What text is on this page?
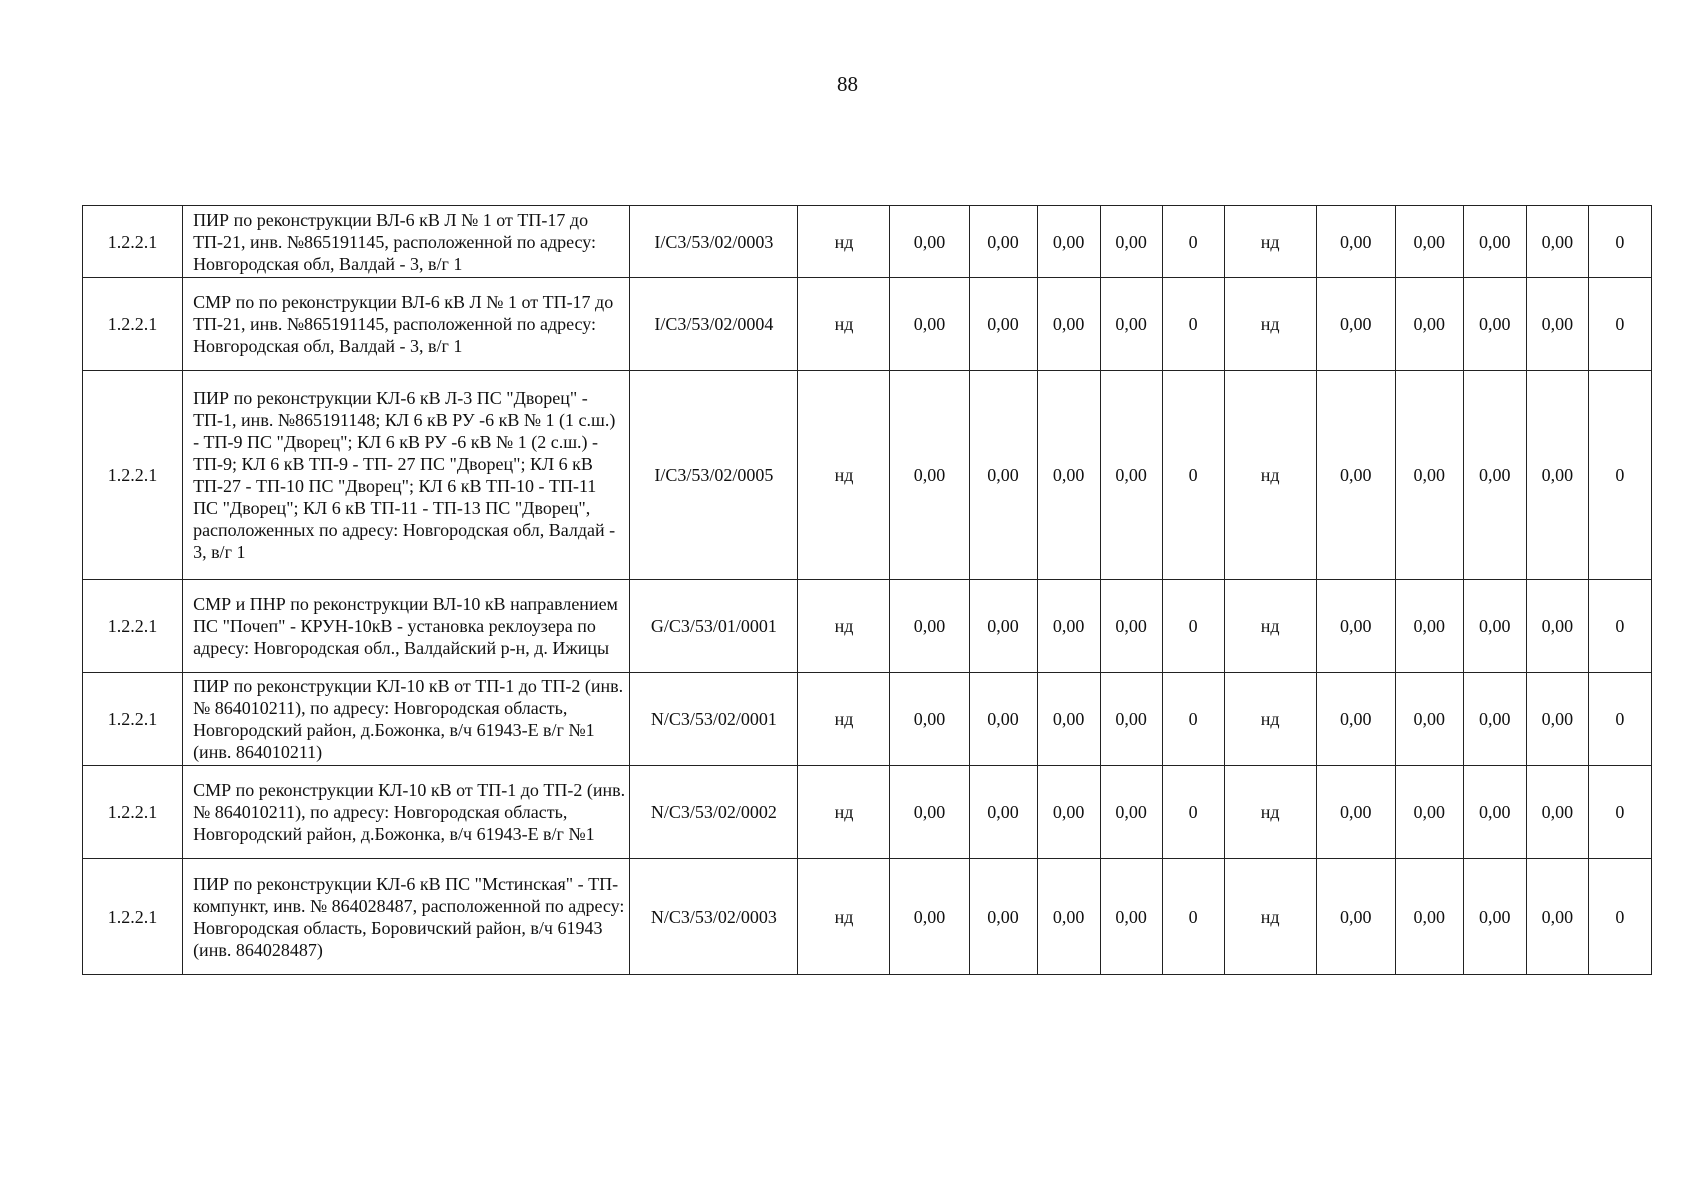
88
1.2.2.1	ПИР по реконструкции ВЛ-6 кВ Л № 1 от ТП-17 до ТП-21, инв. №865191145, расположенной по адресу: Новгородская обл, Валдай - 3, в/г 1	I/C3/53/02/0003	нд	0,00	0,00	0,00	0,00	0	нд	0,00	0,00	0,00	0,00	0
1.2.2.1	СМР по по реконструкции ВЛ-6 кВ Л № 1 от ТП-17 до ТП-21, инв. №865191145, расположенной по адресу: Новгородская обл, Валдай - 3, в/г 1	I/C3/53/02/0004	нд	0,00	0,00	0,00	0,00	0	нд	0,00	0,00	0,00	0,00	0
1.2.2.1	ПИР по реконструкции КЛ-6 кВ Л-3 ПС "Дворец" - ТП-1, инв. №865191148; КЛ 6 кВ РУ -6 кВ № 1 (1 с.ш.) - ТП-9 ПС "Дворец"; КЛ 6 кВ РУ -6 кВ № 1 (2 с.ш.) - ТП-9; КЛ 6 кВ ТП-9 - ТП- 27 ПС "Дворец"; КЛ 6 кВ ТП-27 - ТП-10 ПС "Дворец"; КЛ 6 кВ ТП-10 - ТП-11 ПС "Дворец"; КЛ 6 кВ ТП-11 - ТП-13 ПС "Дворец", расположенных по адресу: Новгородская обл, Валдай - 3, в/г 1	I/C3/53/02/0005	нд	0,00	0,00	0,00	0,00	0	нд	0,00	0,00	0,00	0,00	0
1.2.2.1	СМР и ПНР по реконструкции ВЛ-10 кВ направлением ПС "Почеп" - КРУН-10кВ - установка реклоузера по адресу: Новгородская обл., Валдайский р-н, д. Ижицы	G/C3/53/01/0001	нд	0,00	0,00	0,00	0,00	0	нд	0,00	0,00	0,00	0,00	0
1.2.2.1	ПИР по реконструкции КЛ-10 кВ от ТП-1 до ТП-2 (инв. № 864010211), по адресу: Новгородская область, Новгородский район, д.Божонка, в/ч 61943-Е в/г №1 (инв. 864010211)	N/C3/53/02/0001	нд	0,00	0,00	0,00	0,00	0	нд	0,00	0,00	0,00	0,00	0
1.2.2.1	СМР по реконструкции КЛ-10 кВ от ТП-1 до ТП-2 (инв. № 864010211), по адресу: Новгородская область, Новгородский район, д.Божонка, в/ч 61943-Е в/г №1	N/C3/53/02/0002	нд	0,00	0,00	0,00	0,00	0	нд	0,00	0,00	0,00	0,00	0
1.2.2.1	ПИР по реконструкции КЛ-6 кВ ПС "Мстинская" - ТП- компункт, инв. № 864028487, расположенной по адресу: Новгородская область, Боровичский район, в/ч 61943 (инв. 864028487)	N/C3/53/02/0003	нд	0,00	0,00	0,00	0,00	0	нд	0,00	0,00	0,00	0,00	0
